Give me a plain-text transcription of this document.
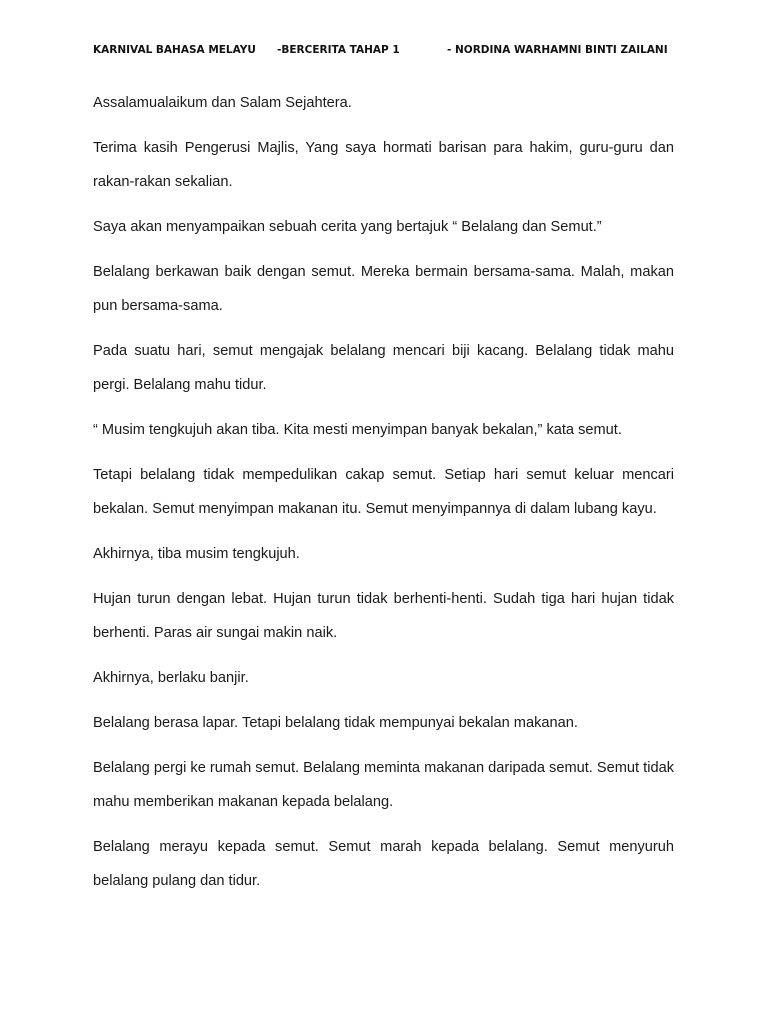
KARNIVAL BAHASA MELAYU -BERCERITA TAHAP 1	- NORDINA WARHAMNI BINTI ZAILANI

Assalamualaikum dan Salam Sejahtera.

Terima kasih Pengerusi Majlis, Yang saya hormati barisan para hakim, guru-guru dan rakan-rakan sekalian.

Saya akan menyampaikan sebuah cerita yang bertajuk “ Belalang dan Semut.”

Belalang berkawan baik dengan semut. Mereka bermain bersama-sama. Malah, makan pun bersama-sama.

Pada suatu hari, semut mengajak belalang mencari biji kacang. Belalang tidak mahu pergi. Belalang mahu tidur.

“ Musim tengkujuh akan tiba. Kita mesti menyimpan banyak bekalan,” kata semut.

Tetapi belalang tidak mempedulikan cakap semut. Setiap hari semut keluar mencari bekalan. Semut menyimpan makanan itu. Semut menyimpannya di dalam lubang kayu.

Akhirnya, tiba musim tengkujuh.

Hujan turun dengan lebat. Hujan turun tidak berhenti-henti. Sudah tiga hari hujan tidak berhenti. Paras air sungai makin naik.

Akhirnya, berlaku banjir.

Belalang berasa lapar. Tetapi belalang tidak mempunyai bekalan makanan.

Belalang pergi ke rumah semut. Belalang meminta makanan daripada semut. Semut tidak mahu memberikan makanan kepada belalang.

Belalang merayu kepada semut. Semut marah kepada belalang. Semut menyuruh belalang pulang dan tidur.
